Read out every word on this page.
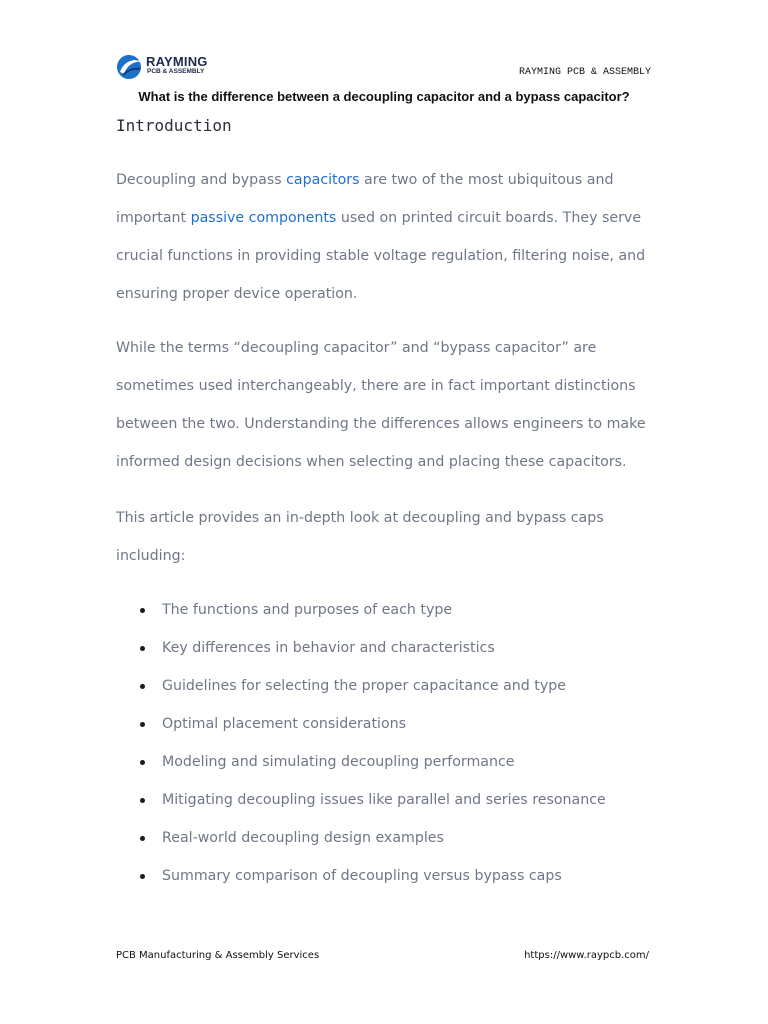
RAYMING
PCB & ASSEMBLY	RAYMING PCB & ASSEMBLY
What is the difference between a decoupling capacitor and a bypass capacitor?
Introduction

Decoupling and bypass capacitors are two of the most ubiquitous and important passive components used on printed circuit boards. They serve crucial functions in providing stable voltage regulation, filtering noise, and ensuring proper device operation.

While the terms “decoupling capacitor” and “bypass capacitor” are sometimes used interchangeably, there are in fact important distinctions between the two. Understanding the differences allows engineers to make informed design decisions when selecting and placing these capacitors.

This article provides an in-depth look at decoupling and bypass caps including:

The functions and purposes of each type
Key differences in behavior and characteristics
Guidelines for selecting the proper capacitance and type
Optimal placement considerations
Modeling and simulating decoupling performance
Mitigating decoupling issues like parallel and series resonance
Real-world decoupling design examples
Summary comparison of decoupling versus bypass caps
PCB Manufacturing & Assembly Services	https://www.raypcb.com/
